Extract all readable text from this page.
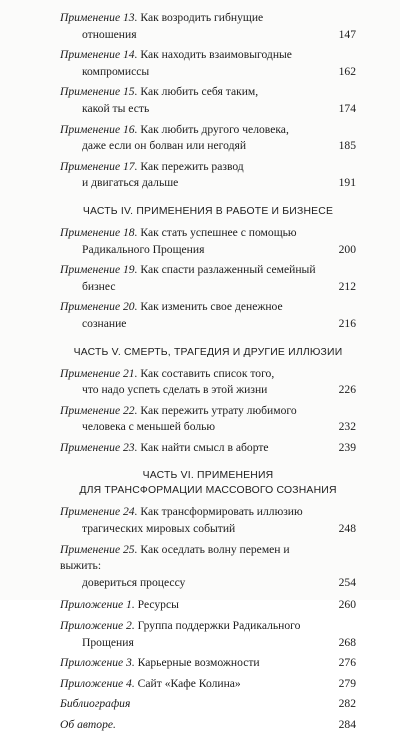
Применение 13. Как возродить гибнущие
отношения	147
Применение 14. Как находить взаимовыгодные
компромиссы	162
Применение 15. Как любить себя таким,
какой ты есть	174
Применение 16. Как любить другого человека,
даже если он болван или негодяй	185
Применение 17. Как пережить развод
и двигаться дальше	191
ЧАСТЬ IV. ПРИМЕНЕНИЯ В РАБОТЕ И БИЗНЕСЕ
Применение 18. Как стать успешнее с помощью
Радикального Прощения	200
Применение 19. Как спасти разлаженный семейный
бизнес	212
Применение 20. Как изменить свое денежное
сознание	216
ЧАСТЬ V. СМЕРТЬ, ТРАГЕДИЯ И ДРУГИЕ ИЛЛЮЗИИ
Применение 21. Как составить список того,
что надо успеть сделать в этой жизни	226
Применение 22. Как пережить утрату любимого
человека с меньшей болью	232
Применение 23. Как найти смысл в аборте	239
ЧАСТЬ VI. ПРИМЕНЕНИЯ
ДЛЯ ТРАНСФОРМАЦИИ МАССОВОГО СОЗНАНИЯ
Применение 24. Как трансформировать иллюзию
трагических мировых событий	248
Применение 25. Как оседлать волну перемен и выжить:
довериться процессу	254
Приложение 1. Ресурсы	260
Приложение 2. Группа поддержки Радикального
Прощения	268
Приложение 3. Карьерные возможности	276
Приложение 4. Сайт «Кафе Колина»	279
Библиография	282
Об авторе.	284
